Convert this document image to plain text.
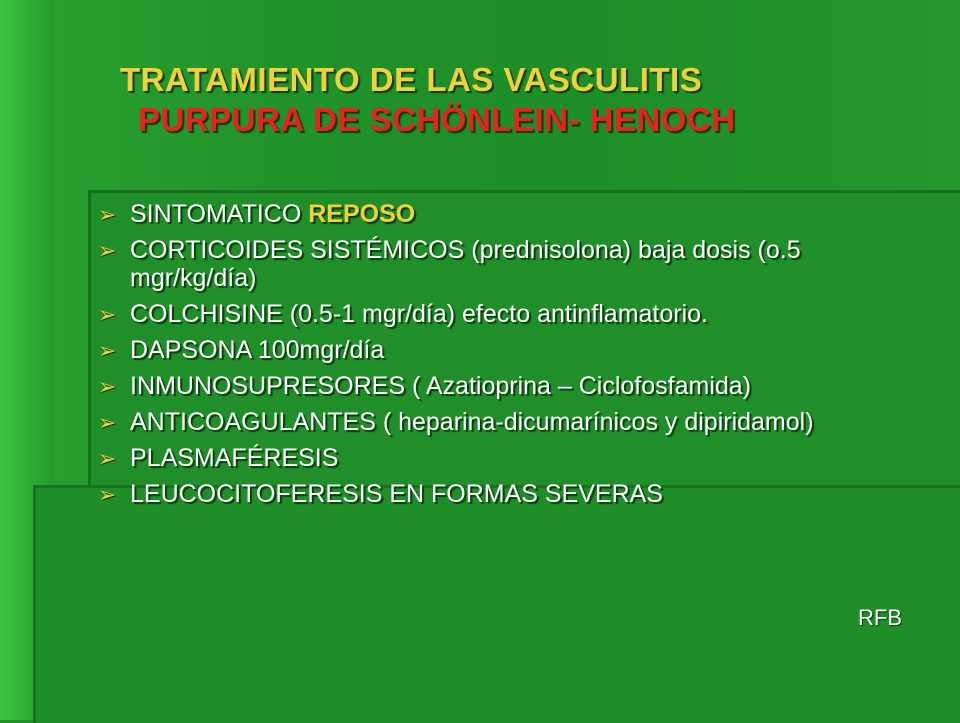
TRATAMIENTO DE LAS VASCULITIS
PURPURA DE SCHÖNLEIN- HENOCH
➢ SINTOMATICO REPOSO
➢ CORTICOIDES SISTÉMICOS (prednisolona) baja dosis (o.5 mgr/kg/día)
➢ COLCHISINE (0.5-1 mgr/día) efecto antinflamatorio.
➢ DAPSONA 100mgr/día
➢ INMUNOSUPRESORES ( Azatioprina – Ciclofosfamida)
➢ ANTICOAGULANTES ( heparina-dicumarínicos y dipiridamol)
➢ PLASMAFÉRESIS
➢ LEUCOCITOFERESIS EN FORMAS SEVERAS
RFB
